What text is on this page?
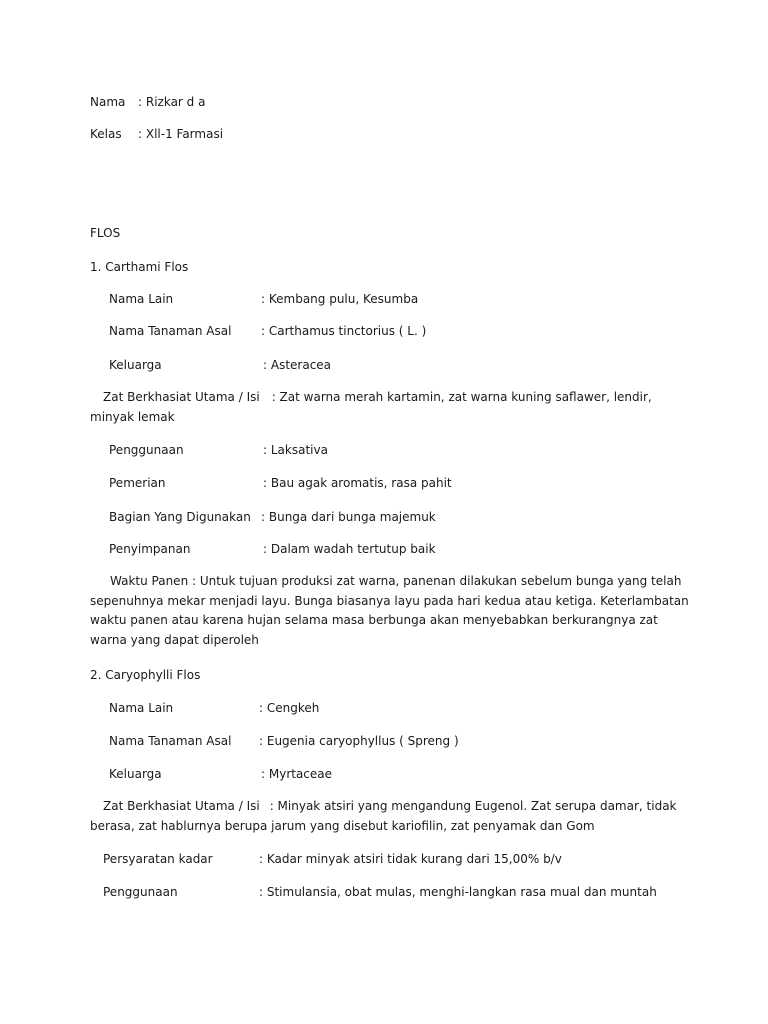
Nama : Rizkar d a
Kelas : Xll-1 Farmasi
FLOS
1. Carthami Flos
Nama Lain	: Kembang pulu, Kesumba
Nama Tanaman Asal : Carthamus tinctorius ( L. )
Keluarga	: Asteracea
Zat Berkhasiat Utama / Isi : Zat warna merah kartamin, zat warna kuning saflawer, lendir, minyak lemak
Penggunaan	: Laksativa
Pemerian	: Bau agak aromatis, rasa pahit
Bagian Yang Digunakan : Bunga dari bunga majemuk
Penyimpanan	: Dalam wadah tertutup baik
Waktu Panen : Untuk tujuan produksi zat warna, panenan dilakukan sebelum bunga yang telah sepenuhnya mekar menjadi layu. Bunga biasanya layu pada hari kedua atau ketiga. Keterlambatan waktu panen atau karena hujan selama masa berbunga akan menyebabkan berkurangnya zat warna yang dapat diperoleh
2. Caryophylli Flos
Nama Lain	: Cengkeh
Nama Tanaman Asal : Eugenia caryophyllus ( Spreng )
Keluarga	: Myrtaceae
Zat Berkhasiat Utama / Isi : Minyak atsiri yang mengandung Eugenol. Zat serupa damar, tidak berasa, zat hablurnya berupa jarum yang disebut kariofilin, zat penyamak dan Gom
Persyaratan kadar	: Kadar minyak atsiri tidak kurang dari 15,00% b/v
Penggunaan	: Stimulansia, obat mulas, menghi-langkan rasa mual dan muntah
